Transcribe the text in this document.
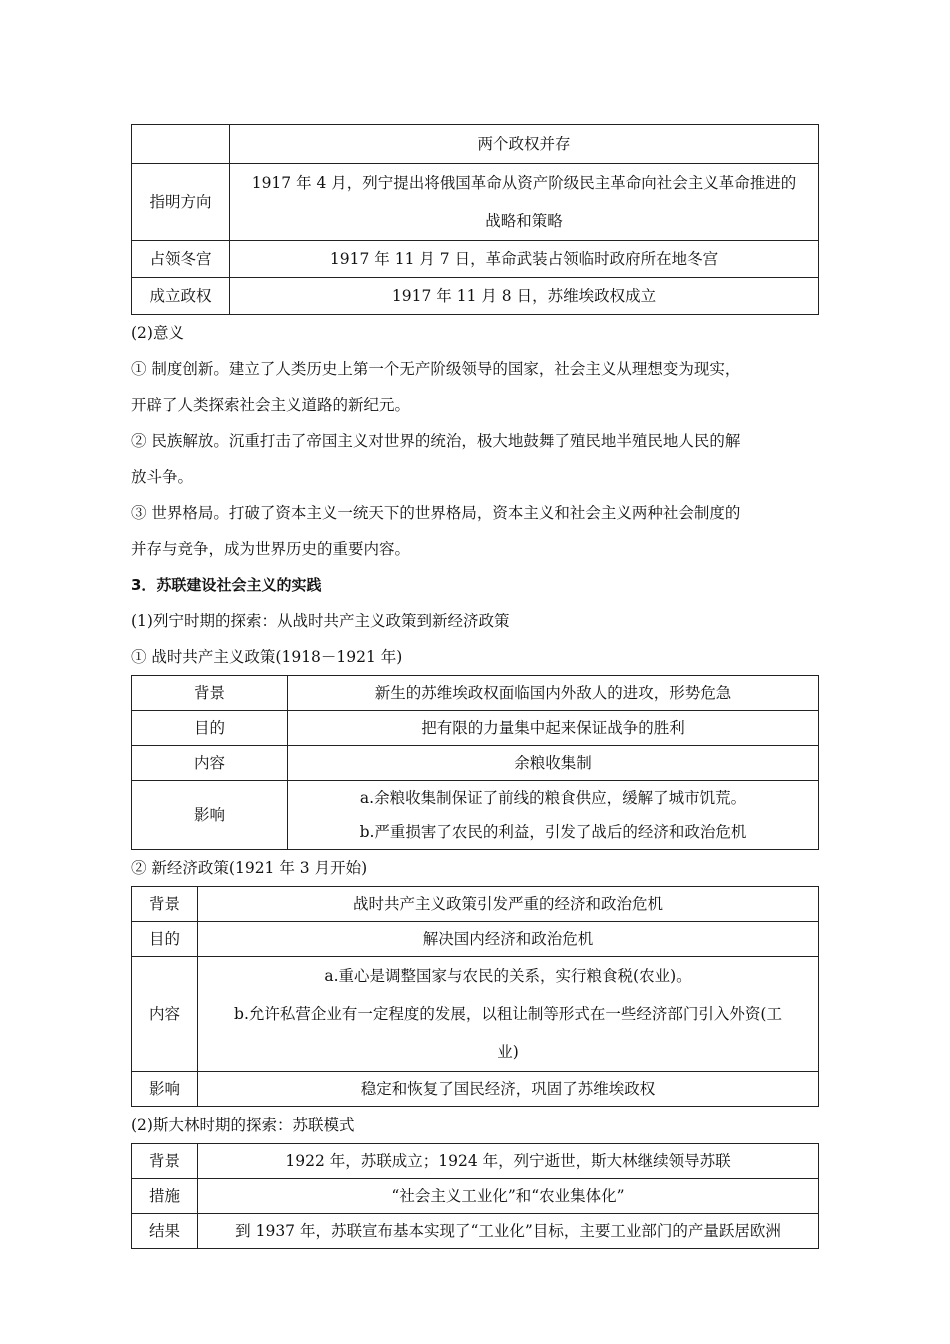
	两个政权并存
指明方向	1917 年 4 月，列宁提出将俄国革命从资产阶级民主革命向社会主义革命推进的
战略和策略

占领冬宫	1917 年 11 月 7 日，革命武装占领临时政府所在地冬宫
成立政权	1917 年 11 月 8 日，苏维埃政权成立

(2)意义

① 制度创新。建立了人类历史上第一个无产阶级领导的国家，社会主义从理想变为现实，

开辟了人类探索社会主义道路的新纪元。

② 民族解放。沉重打击了帝国主义对世界的统治，极大地鼓舞了殖民地半殖民地人民的解

放斗争。

③ 世界格局。打破了资本主义一统天下的世界格局，资本主义和社会主义两种社会制度的

并存与竞争，成为世界历史的重要内容。

3．苏联建设社会主义的实践

(1)列宁时期的探索：从战时共产主义政策到新经济政策

① 战时共产主义政策(1918－1921 年)

背景	新生的苏维埃政权面临国内外敌人的进攻，形势危急
目的	把有限的力量集中起来保证战争的胜利
内容	余粮收集制
影响	a.余粮收集制保证了前线的粮食供应，缓解了城市饥荒。
b.严重损害了农民的利益，引发了战后的经济和政治危机

② 新经济政策(1921 年 3 月开始)

背景	战时共产主义政策引发严重的经济和政治危机
目的	解决国内经济和政治危机
内容	a.重心是调整国家与农民的关系，实行粮食税(农业)。
b.允许私营企业有一定程度的发展，以租让制等形式在一些经济部门引入外资(工
业)

影响	稳定和恢复了国民经济，巩固了苏维埃政权

(2)斯大林时期的探索：苏联模式

背景	1922 年，苏联成立；1924 年，列宁逝世，斯大林继续领导苏联
措施	“社会主义工业化”和“农业集体化”
结果	到 1937 年，苏联宣布基本实现了“工业化”目标，主要工业部门的产量跃居欧洲
